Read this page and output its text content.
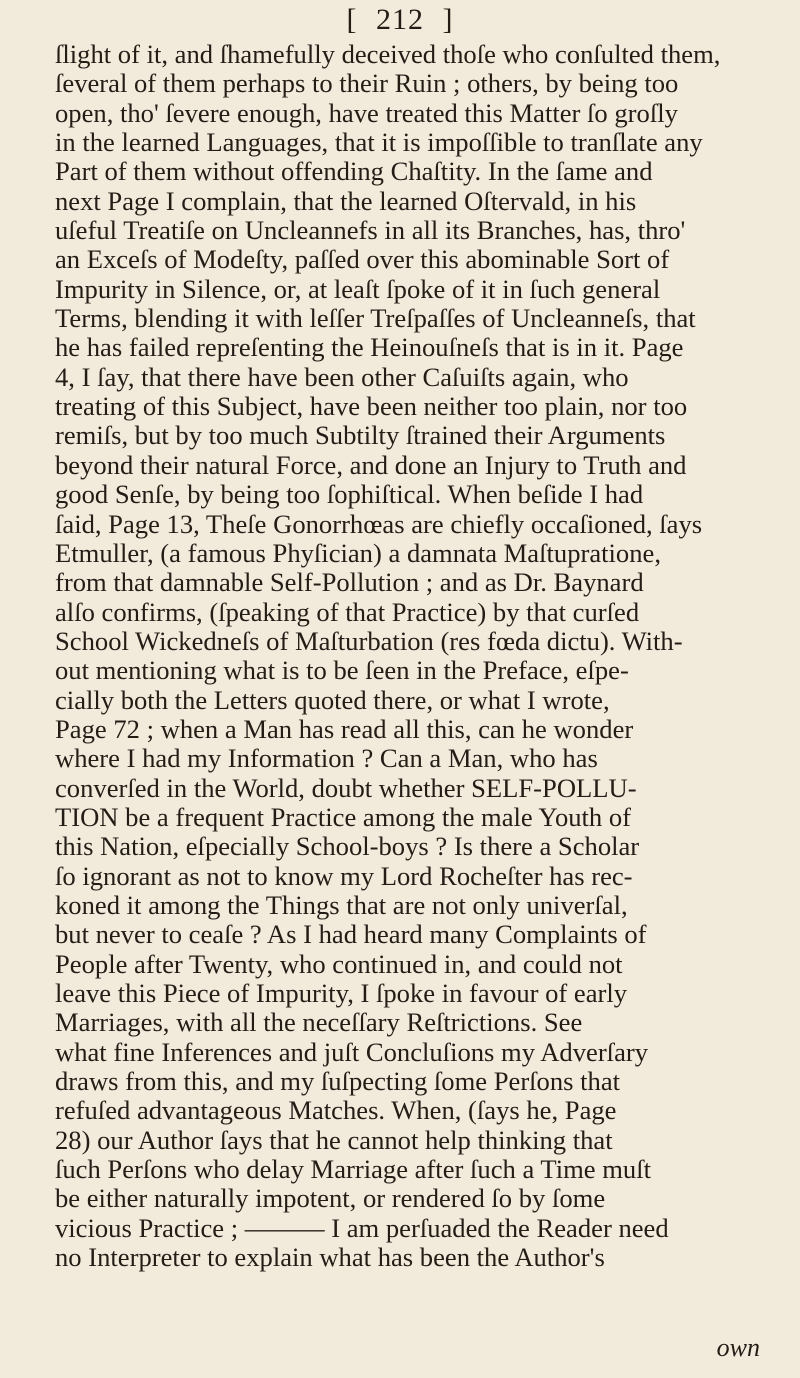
[ 212 ]
ſlight of it, and ſhamefully deceived thoſe who conſulted them,
ſeveral of them perhaps to their Ruin ; others, by being too
open, tho' ſevere enough, have treated this Matter ſo groſly
in the learned Languages, that it is impoſſible to tranſlate any
Part of them without offending Chaſtity. In the ſame and
next Page I complain, that the learned Oſtervald, in his
uſeful Treatiſe on Uncleannefs in all its Branches, has, thro'
an Exceſs of Modeſty, paſſed over this abominable Sort of
Impurity in Silence, or, at leaſt ſpoke of it in ſuch general
Terms, blending it with leſſer Treſpaſſes of Uncleanneſs, that
he has failed repreſenting the Heinouſneſs that is in it. Page
4, I ſay, that there have been other Caſuiſts again, who
treating of this Subject, have been neither too plain, nor too
remiſs, but by too much Subtilty ſtrained their Arguments
beyond their natural Force, and done an Injury to Truth and
good Senſe, by being too ſophiſtical. When beſide I had
ſaid, Page 13, Theſe Gonorrhœas are chiefly occaſioned, ſays
Etmuller, (a famous Phyſician) a damnata Maſtupratione,
from that damnable Self-Pollution ; and as Dr. Baynard
alſo confirms, (ſpeaking of that Practice) by that curſed
School Wickedneſs of Maſturbation (res fœda dictu). With-
out mentioning what is to be ſeen in the Preface, eſpe-
cially both the Letters quoted there, or what I wrote,
Page 72 ; when a Man has read all this, can he wonder
where I had my Information ? Can a Man, who has
converſed in the World, doubt whether SELF-POLLU-
TION be a frequent Practice among the male Youth of
this Nation, eſpecially School-boys ? Is there a Scholar
ſo ignorant as not to know my Lord Rocheſter has rec-
koned it among the Things that are not only univerſal,
but never to ceaſe ? As I had heard many Complaints of
People after Twenty, who continued in, and could not
leave this Piece of Impurity, I ſpoke in favour of early
Marriages, with all the neceſſary Reſtrictions. See
what fine Inferences and juſt Concluſions my Adverſary
draws from this, and my ſuſpecting ſome Perſons that
refuſed advantageous Matches. When, (ſays he, Page
28) our Author ſays that he cannot help thinking that
ſuch Perſons who delay Marriage after ſuch a Time muſt
be either naturally impotent, or rendered ſo by ſome
vicious Practice ; ——— I am perſuaded the Reader need
no Interpreter to explain what has been the Author's
own
